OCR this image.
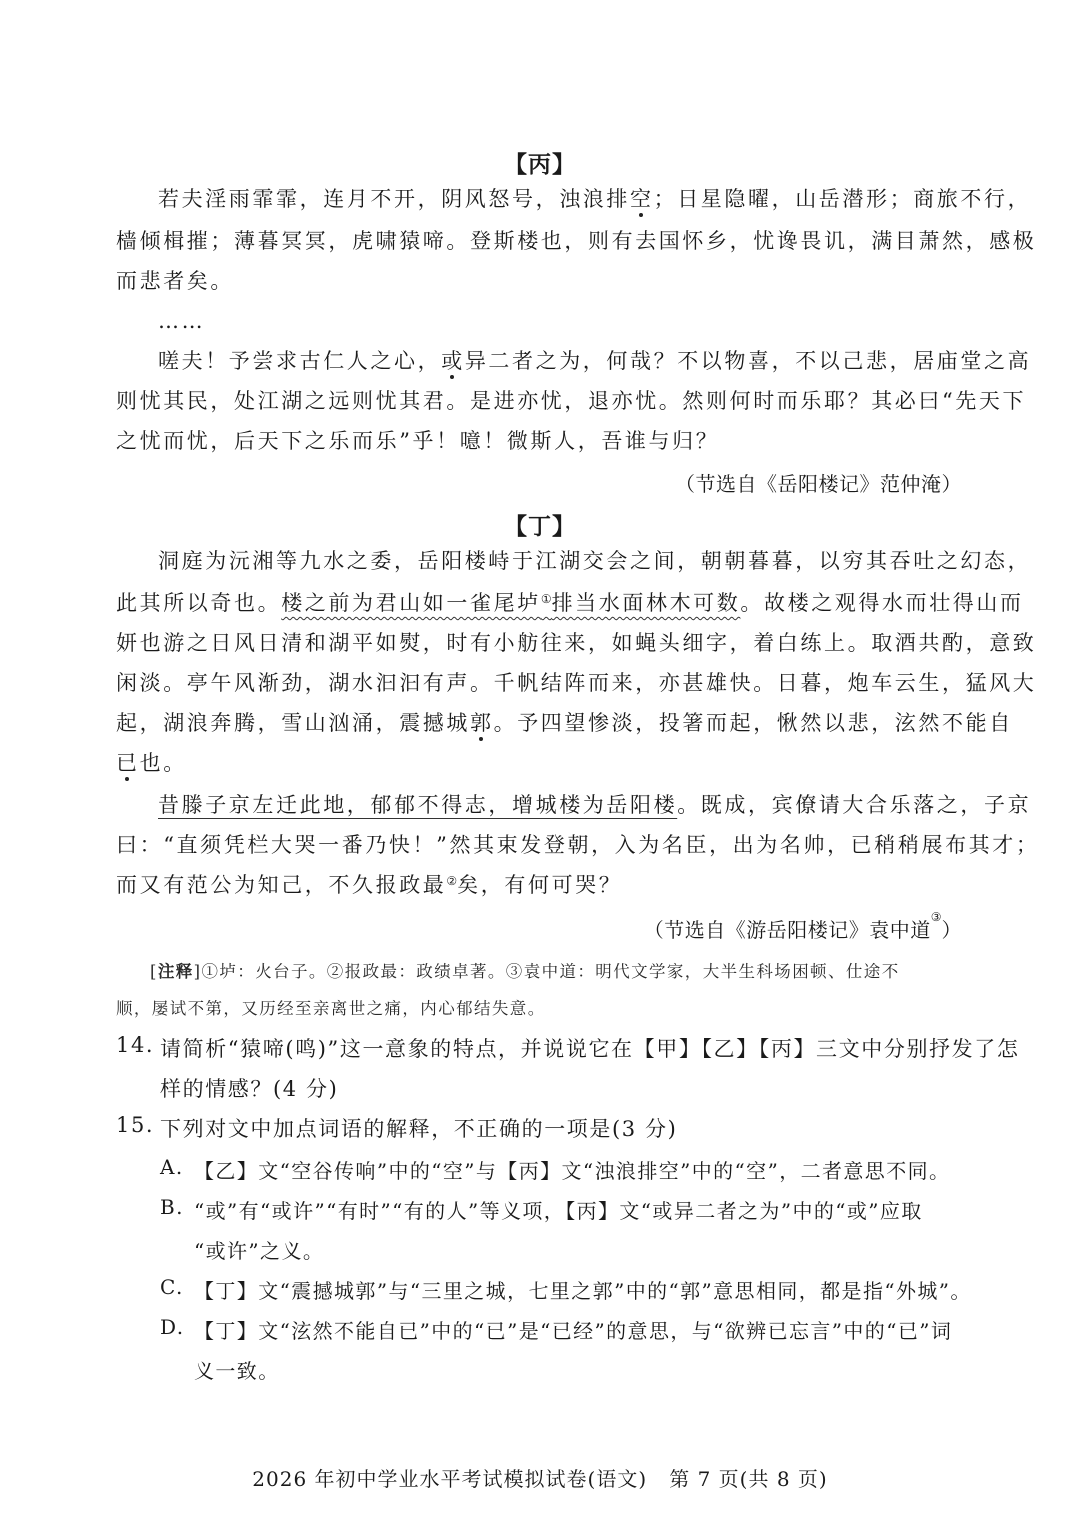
【丙】
若夫淫雨霏霏，连月不开，阴风怒号，浊浪排空；日星隐曜，山岳潜形；商旅不行，
樯倾楫摧；薄暮冥冥，虎啸猿啼。登斯楼也，则有去国怀乡，忧谗畏讥，满目萧然，感极
而悲者矣。
……
嗟夫！予尝求古仁人之心，或异二者之为，何哉？不以物喜，不以己悲，居庙堂之高
则忧其民，处江湖之远则忧其君。是进亦忧，退亦忧。然则何时而乐耶？其必曰“先天下
之忧而忧，后天下之乐而乐”乎！噫！微斯人，吾谁与归？
（节选自《岳阳楼记》范仲淹）
【丁】
洞庭为沅湘等九水之委，岳阳楼峙于江湖交会之间，朝朝暮暮，以穷其吞吐之幻态，
此其所以奇也。楼之前为君山如一雀尾垆①排当水面林木可数。故楼之观得水而壮得山而
妍也游之日风日清和湖平如熨，时有小舫往来，如蝇头细字，着白练上。取酒共酌，意致
闲淡。亭午风渐劲，湖水汩汩有声。千帆结阵而来，亦甚雄快。日暮，炮车云生，猛风大
起，湖浪奔腾，雪山汹涌，震撼城郭。予四望惨淡，投箸而起，愀然以悲，泫然不能自
已也。
昔滕子京左迁此地，郁郁不得志，增城楼为岳阳楼。既成，宾僚请大合乐落之，子京
曰：“直须凭栏大哭一番乃快！”然其束发登朝，入为名臣，出为名帅，已稍稍展布其才；
而又有范公为知己，不久报政最②矣，有何可哭？
（节选自《游岳阳楼记》袁中道③）
[注释]①垆：火台子。②报政最：政绩卓著。③袁中道：明代文学家，大半生科场困顿、仕途不
顺，屡试不第，又历经至亲离世之痛，内心郁结失意。
14. 请简析“猿啼(鸣)”这一意象的特点，并说说它在【甲】【乙】【丙】三文中分别抒发了怎
样的情感？(4 分)
15. 下列对文中加点词语的解释，不正确的一项是(3 分)
A. 【乙】文“空谷传响”中的“空”与【丙】文“浊浪排空”中的“空”，二者意思不同。
B. “或”有“或许”“有时”“有的人”等义项，【丙】文“或异二者之为”中的“或”应取
“或许”之义。
C. 【丁】文“震撼城郭”与“三里之城，七里之郭”中的“郭”意思相同，都是指“外城”。
D. 【丁】文“泫然不能自已”中的“已”是“已经”的意思，与“欲辨已忘言”中的“已”词
义一致。
2026 年初中学业水平考试模拟试卷(语文)   第 7 页(共 8 页)
